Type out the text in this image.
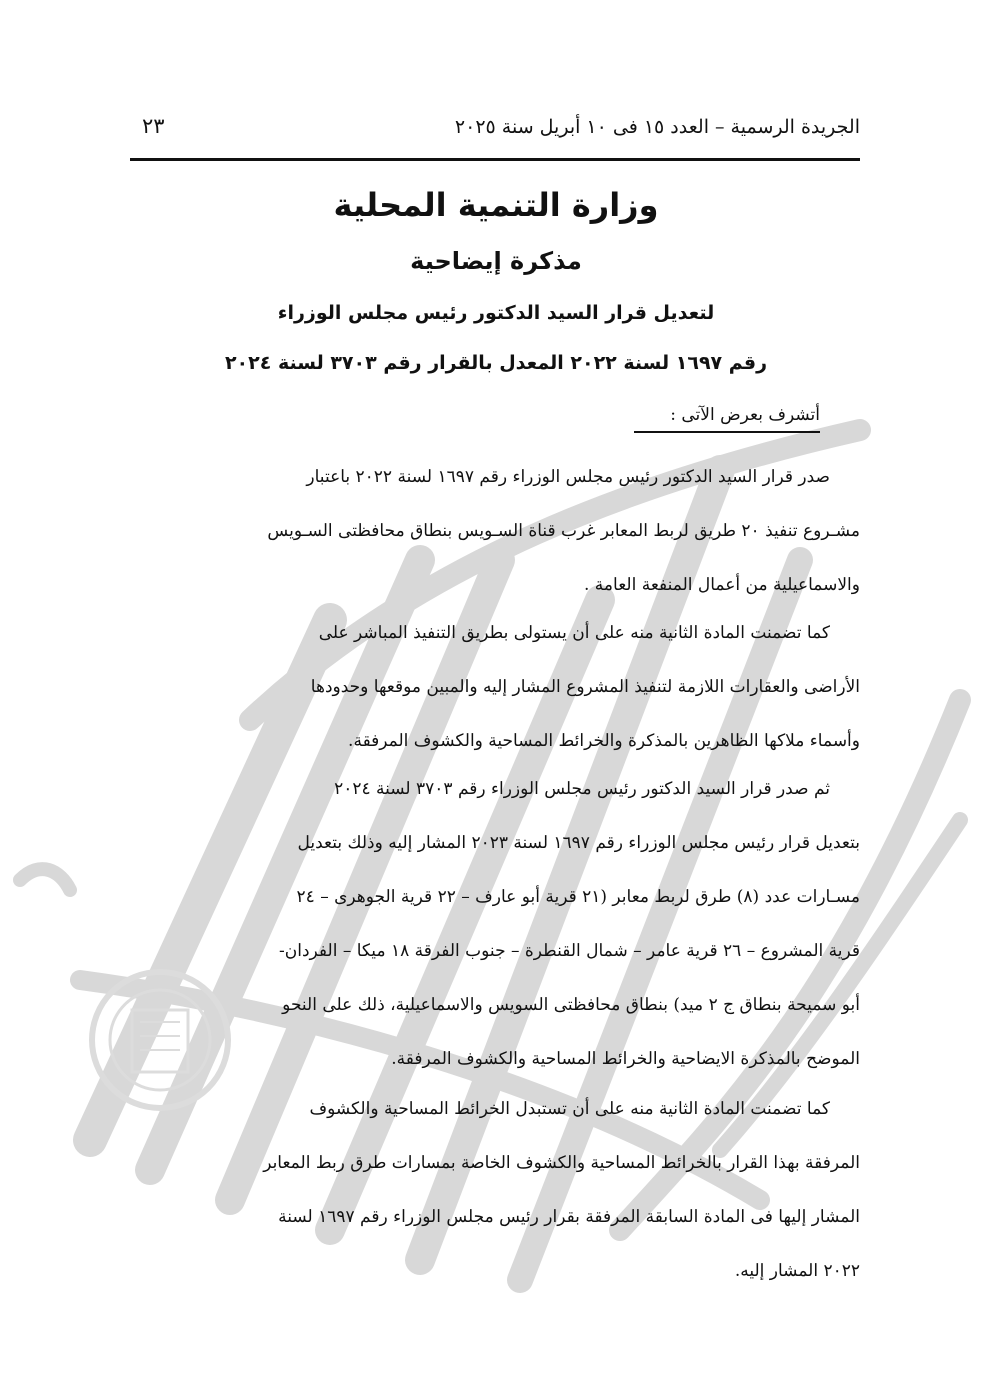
الجريدة الرسمية – العدد ١٥ فى ١٠ أبريل سنة ٢٠٢٥
٢٣
وزارة التنمية المحلية
مذكرة إيضاحية
لتعديل قرار السيد الدكتور رئيس مجلس الوزراء
رقم ١٦٩٧ لسنة ٢٠٢٢ المعدل بالقرار رقم ٣٧٠٣ لسنة ٢٠٢٤
أتشرف بعرض الآتى :
صدر قرار السيد الدكتور رئيس مجلس الوزراء رقم ١٦٩٧ لسنة ٢٠٢٢ باعتبار
مشـروع تنفيذ ٢٠ طريق لربط المعابر غرب قناة السـويس بنطاق محافظتى السـويس
والاسماعيلية من أعمال المنفعة العامة .
كما تضمنت المادة الثانية منه على أن يستولى بطريق التنفيذ المباشر على
الأراضى والعقارات اللازمة لتنفيذ المشروع المشار إليه والمبين موقعها وحدودها
وأسماء ملاكها الظاهرين بالمذكرة والخرائط المساحية والكشوف المرفقة.
ثم صدر قرار السيد الدكتور رئيس مجلس الوزراء رقم ٣٧٠٣ لسنة ٢٠٢٤
بتعديل قرار رئيس مجلس الوزراء رقم ١٦٩٧ لسنة ٢٠٢٣ المشار إليه وذلك بتعديل
مسـارات عدد (٨) طرق لربط معابر (٢١ قرية أبو عارف – ٢٢ قرية الجوهرى – ٢٤
قرية المشروع – ٢٦ قرية عامر – شمال القنطرة – جنوب الفرقة ١٨ ميكا – الفردان-
أبو سميحة بنطاق ج ٢ ميد) بنطاق محافظتى السويس والاسماعيلية، ذلك على النحو
الموضح بالمذكرة الايضاحية والخرائط المساحية والكشوف المرفقة.
كما تضمنت المادة الثانية منه على أن تستبدل الخرائط المساحية والكشوف
المرفقة بهذا القرار بالخرائط المساحية والكشوف الخاصة بمسارات طرق ربط المعابر
المشار إليها فى المادة السابقة المرفقة بقرار رئيس مجلس الوزراء رقم ١٦٩٧ لسنة
٢٠٢٢ المشار إليه.
